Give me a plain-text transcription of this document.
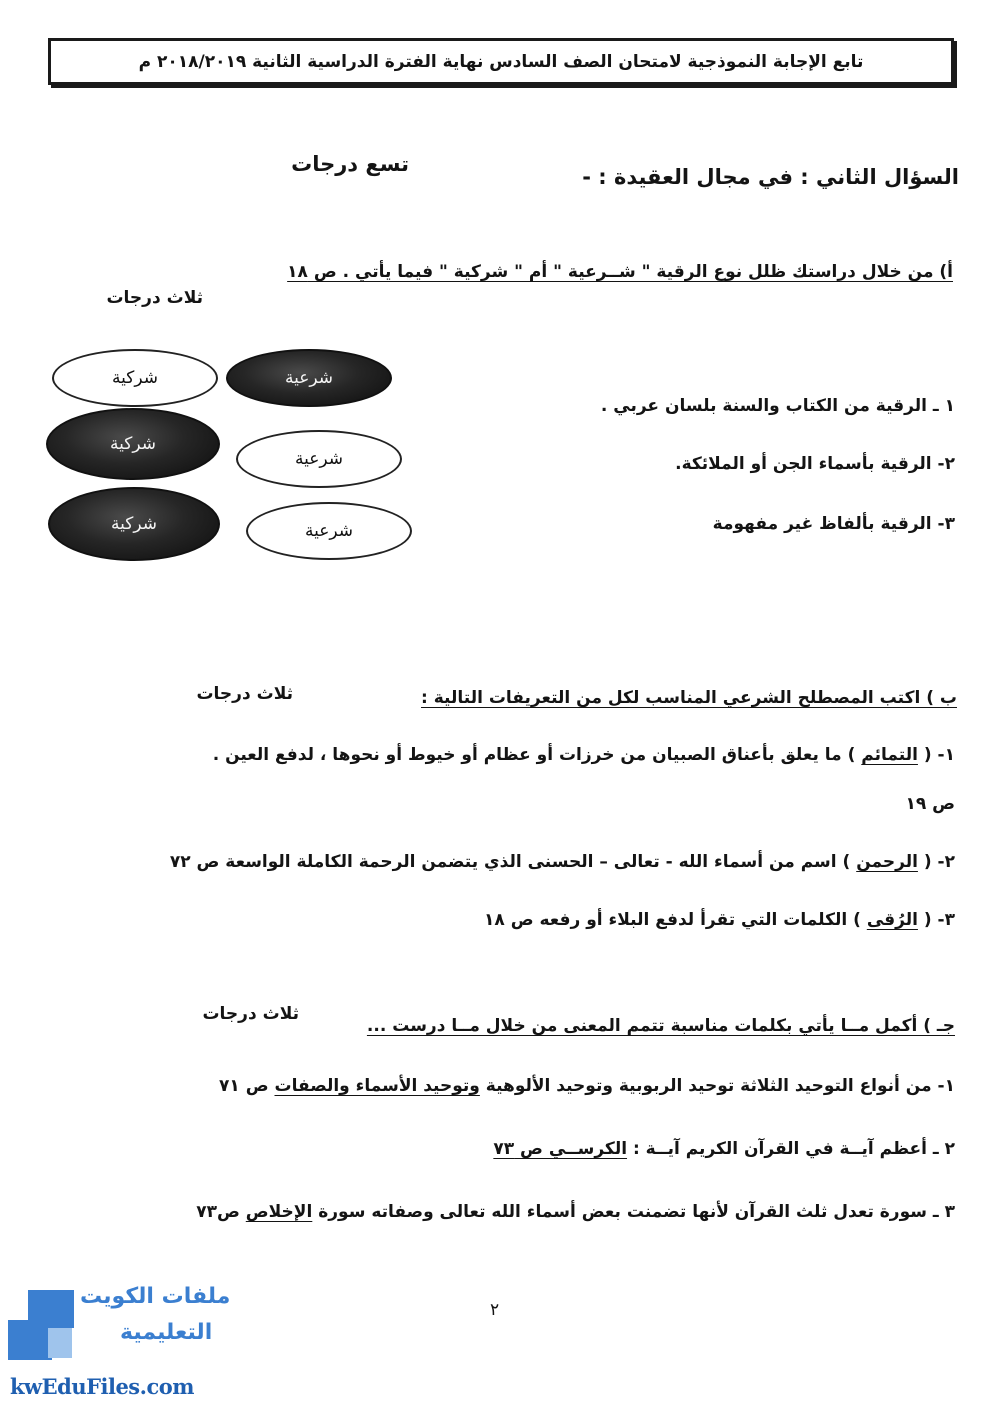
تابع الإجابة النموذجية لامتحان الصف السادس نهاية الفترة الدراسية الثانية ٢٠١٨/٢٠١٩ م
السؤال الثاني : في مجال العقيدة : -
تسع درجات
أ) من خلال دراستك ظلل نوع الرقية " شــرعية " أم " شركية " فيما يأتي . ص ١٨
ثلاث درجات
١ ـ الرقية من الكتاب والسنة بلسان عربي .
٢- الرقية بأسماء الجن أو الملائكة.
٣- الرقية بألفاظ غير مفهومة
شرعية
شركية
شرعية
شركية
شرعية
شركية
ب ) اكتب المصطلح الشرعي المناسب لكل من التعريفات التالية :
ثلاث درجات
١- ( التمائم ) ما يعلق بأعناق الصبيان من خرزات أو عظام أو خيوط أو نحوها ، لدفع العين .
ص ١٩
٢- ( الرحمن ) اسم من أسماء الله - تعالى – الحسنى الذي يتضمن الرحمة الكاملة الواسعة ص ٧٢
٣- ( الرُقى ) الكلمات التي تقرأ لدفع البلاء أو رفعه ص ١٨
جـ ) أكمل مــا يأتي بكلمات مناسبة تتمم المعنى من خلال مــا درست ...
ثلاث درجات
١- من أنواع التوحيد الثلاثة توحيد الربوبية وتوحيد الألوهية وتوحيد الأسماء والصفات ص ٧١
٢ ـ أعظم آيــة في القرآن الكريم آيــة : الكرســي ص ٧٣
٣ ـ سورة تعدل ثلث القرآن لأنها تضمنت بعض أسماء الله تعالى وصفاته سورة الإخلاص ص٧٣
٢
ملفات الكويت
التعليمية
kwEduFiles.com
